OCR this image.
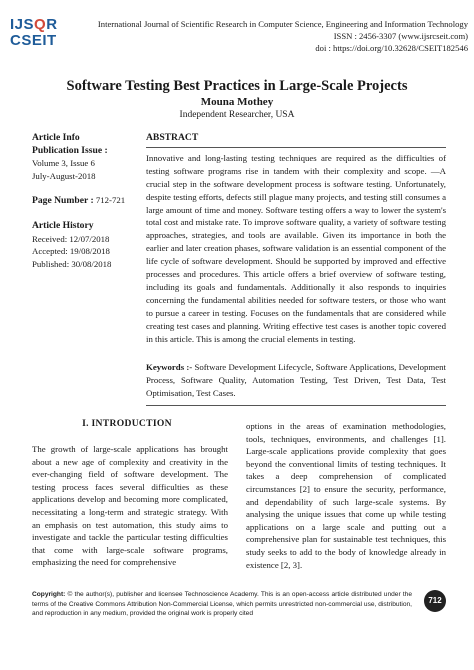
IJSQR
CSEIT
International Journal of Scientific Research in Computer Science, Engineering and Information Technology
ISSN : 2456-3307 (www.ijsrcseit.com)
doi : https://doi.org/10.32628/CSEIT182546
Software Testing Best Practices in Large-Scale Projects
Mouna Mothey
Independent Researcher, USA
Article Info
Publication Issue :
Volume 3, Issue 6
July-August-2018
Page Number : 712-721
Article History
Received: 12/07/2018
Accepted: 19/08/2018
Published: 30/08/2018
ABSTRACT
Innovative and long-lasting testing techniques are required as the difficulties of testing software programs rise in tandem with their complexity and scope. —A crucial step in the software development process is software testing. Unfortunately, despite testing efforts, defects still plague many projects, and testing still consumes a large amount of time and money. Software testing offers a way to lower the system's total cost and mistake rate. To improve software quality, a variety of software testing approaches, strategies, and tools are available. Given its importance in both the earlier and later creation phases, software validation is an essential component of the life cycle of software development. Should be supported by improved and effective processes and procedures. This article offers a brief overview of software testing, including its goals and fundamentals. Additionally it also responds to inquiries concerning the fundamental abilities needed for software testers, or those who want to pursue a career in testing. Focuses on the fundamentals that are considered while creating test cases and planning. Writing effective test cases is another topic covered in this article. This is among the crucial elements in testing.
Keywords :- Software Development Lifecycle, Software Applications, Development Process, Software Quality, Automation Testing, Test Driven, Test Data, Test Optimisation, Test Cases.
I. INTRODUCTION
The growth of large-scale applications has brought about a new age of complexity and creativity in the ever-changing field of software development. The testing process faces several difficulties as these applications develop and becoming more complicated, necessitating a long-term and strategic strategy. With an emphasis on test automation, this study aims to investigate and tackle the particular testing difficulties that come with large-scale software programs, emphasizing the need for comprehensive
options in the areas of examination methodologies, tools, techniques, environments, and challenges [1]. Large-scale applications provide complexity that goes beyond the conventional limits of testing techniques. It takes a deep comprehension of complicated circumstances [2] to ensure the security, performance, and dependability of such large-scale systems. By analysing the unique issues that come up while testing applications on a large scale and putting out a comprehensive plan for sustainable test techniques, this study seeks to add to the body of knowledge already in existence [2, 3].
Copyright: © the author(s), publisher and licensee Technoscience Academy. This is an open-access article distributed under the terms of the Creative Commons Attribution Non-Commercial License, which permits unrestricted non-commercial use, distribution, and reproduction in any medium, provided the original work is properly cited
712
